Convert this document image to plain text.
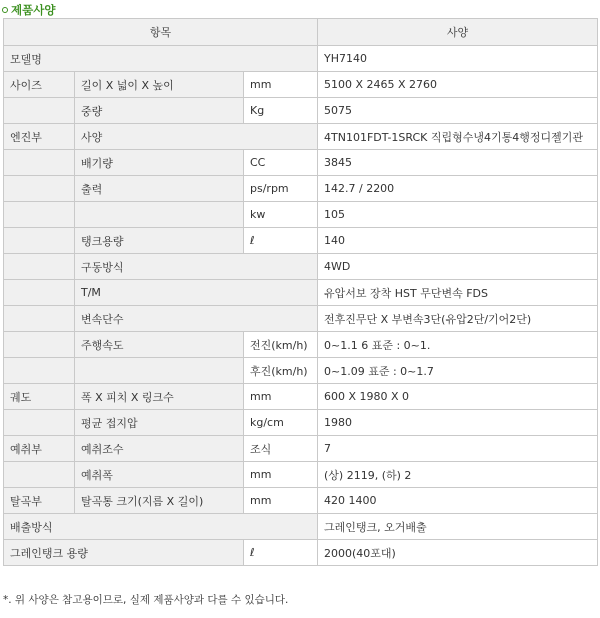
제품사양
항목			사양
모델명			YH7140
사이즈	길이 X 넓이 X 높이	mm	5100 X 2465 X 2760
	중량	Kg	5075
엔진부	사양		4TN101FDT-1SRCK 직립형수냉4기통4행정디젤기관
	배기량	CC	3845
	출력	ps/rpm	142.7 / 2200
		kw	105
	탱크용량	ℓ	140
	구동방식		4WD
	T/M		유압서보 장착 HST 무단변속 FDS
	변속단수		전후진무단 X 부변속3단(유압2단/기어2단)
	주행속도	전진(km/h)	0~1.1 6 표준 : 0~1.
		후진(km/h)	0~1.09 표준 : 0~1.7
궤도	폭 X 피치 X 링크수	mm	600 X 1980 X 0
	평균 접지압	kg/cm	1980
예취부	예취조수	조식	7
	예취폭	mm	(상) 2119, (하) 2
탈곡부	탈곡통 크기(지름 X 길이)	mm	420 1400
배출방식			그레인탱크, 오거배출
그레인탱크 용량		ℓ	2000(40포대)
*. 위 사양은 참고용이므로, 실제 제품사양과 다를 수 있습니다.
